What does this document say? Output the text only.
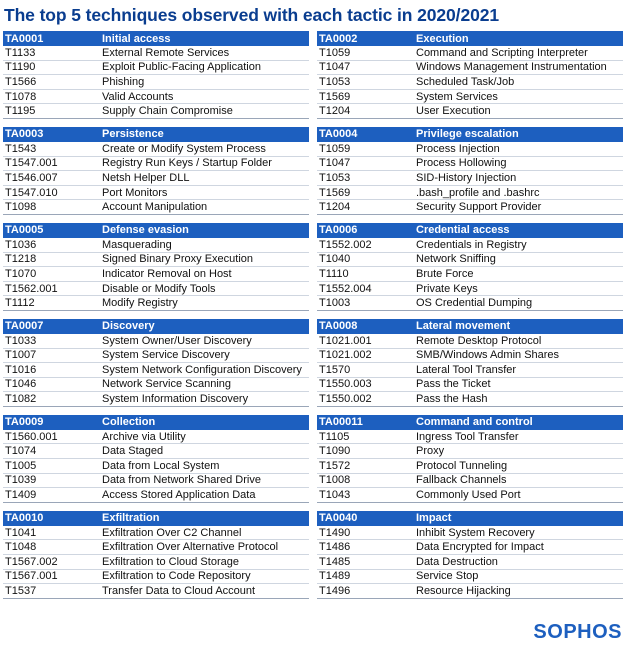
The top 5 techniques observed with each tactic in 2020/2021
TA0001	Initial access
T1133	External Remote Services
T1190	Exploit Public-Facing Application
T1566	Phishing
T1078	Valid Accounts
T1195	Supply Chain Compromise
TA0002	Execution
T1059	Command and Scripting Interpreter
T1047	Windows Management Instrumentation
T1053	Scheduled Task/Job
T1569	System Services
T1204	User Execution
TA0003	Persistence
T1543	Create or Modify System Process
T1547.001	Registry Run Keys / Startup Folder
T1546.007	Netsh Helper DLL
T1547.010	Port Monitors
T1098	Account Manipulation
TA0004	Privilege escalation
T1059	Process Injection
T1047	Process Hollowing
T1053	SID-History Injection
T1569	.bash_profile and .bashrc
T1204	Security Support Provider
TA0005	Defense evasion
T1036	Masquerading
T1218	Signed Binary Proxy Execution
T1070	Indicator Removal on Host
T1562.001	Disable or Modify Tools
T1112	Modify Registry
TA0006	Credential access
T1552.002	Credentials in Registry
T1040	Network Sniffing
T1110	Brute Force
T1552.004	Private Keys
T1003	OS Credential Dumping
TA0007	Discovery
T1033	System Owner/User Discovery
T1007	System Service Discovery
T1016	System Network Configuration Discovery
T1046	Network Service Scanning
T1082	System Information Discovery
TA0008	Lateral movement
T1021.001	Remote Desktop Protocol
T1021.002	SMB/Windows Admin Shares
T1570	Lateral Tool Transfer
T1550.003	Pass the Ticket
T1550.002	Pass the Hash
TA0009	Collection
T1560.001	Archive via Utility
T1074	Data Staged
T1005	Data from Local System
T1039	Data from Network Shared Drive
T1409	Access Stored Application Data
TA00011	Command and control
T1105	Ingress Tool Transfer
T1090	Proxy
T1572	Protocol Tunneling
T1008	Fallback Channels
T1043	Commonly Used Port
TA0010	Exfiltration
T1041	Exfiltration Over C2 Channel
T1048	Exfiltration Over Alternative Protocol
T1567.002	Exfiltration to Cloud Storage
T1567.001	Exfiltration to Code Repository
T1537	Transfer Data to Cloud Account
TA0040	Impact
T1490	Inhibit System Recovery
T1486	Data Encrypted for Impact
T1485	Data Destruction
T1489	Service Stop
T1496	Resource Hijacking
SOPHOS
